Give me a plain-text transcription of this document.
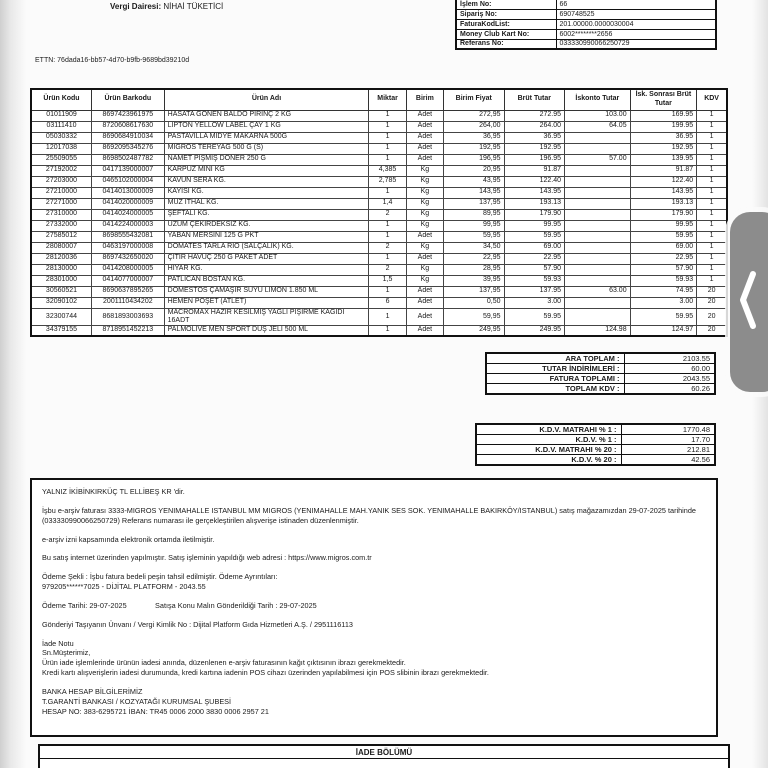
Vergi Dairesi: NİHAİ TÜKETİCİ	İşlem No:	66
Sipariş No:	690748525
FaturaKodList:	201.00000.0000030004
Money Club Kart No:	6002********2656
Referans No:	033330990066250729
ETTN: 76dada16-bb57-4d70-b9fb-9689bd39210d
Ürün Kodu	Ürün Barkodu	Ürün Adı	Miktar	Birim	Birim Fiyat	Brüt Tutar	İskonto Tutar	İsk. Sonrası Brüt Tutar	KDV
01011909	8697423961975	HASATA GÖNEN BALDO PİRİNÇ 2 KG	1	Adet	272,95	272.95	103.00	169.95	1
03111410	8720608617630	LİPTON YELLOW LABEL ÇAY 1 KG	1	Adet	264,00	264.00	64.05	199.95	1
05030332	8690684910034	PASTAVİLLA MİDYE MAKARNA 500G	1	Adet	36,95	36.95		36.95	1
12017038	8692095345276	MİGROS TEREYAĞ 500 G (S)	1	Adet	192,95	192.95		192.95	1
25509055	8698502487782	NAMET PİŞMİŞ DÖNER 250 G	1	Adet	196,95	196.95	57.00	139.95	1
27192002	0417139000007	KARPUZ MİNİ KG	4,385	Kg	20,95	91.87		91.87	1
27203000	0465102000004	KAVUN SERA KG.	2,785	Kg	43,95	122.40		122.40	1
27210000	0414013000009	KAYISI KG.	1	Kg	143,95	143.95		143.95	1
27271000	0414020000009	MUZ İTHAL KG.	1,4	Kg	137,95	193.13		193.13	1
27310000	0414024000005	ŞEFTALİ KG.	2	Kg	89,95	179.90		179.90	1
27332000	0414224000003	ÜZÜM ÇEKİRDEKSİZ KG.	1	Kg	99,95	99.95		99.95	1
27585012	8698555432081	YABAN MERSİNİ 125 G PKT	1	Adet	59,95	59.95		59.95	1
28080007	0463197000008	DOMATES TARLA RİO (SALÇALIK) KG.	2	Kg	34,50	69.00		69.00	1
28120036	8697432650020	ÇITIR HAVUÇ 250 G PAKET ADET	1	Adet	22,95	22.95		22.95	1
28130000	0414208000005	HIYAR KG.	2	Kg	28,95	57.90		57.90	1
28301000	0414077000007	PATLICAN BOSTAN KG.	1,5	Kg	39,95	59.93		59.93	1
30560521	8690637895265	DOMESTOS ÇAMAŞIR SUYU LİMON 1.850 ML	1	Adet	137,95	137.95	63.00	74.95	20
32090102	2001110434202	HEMEN POŞET (ATLET)	6	Adet	0,50	3.00		3.00	20
32300744	8681893003693	MACROMAX HAZIR KESİLMİŞ YAĞLI PİŞİRME KAĞIDI 16ADT	1	Adet	59,95	59.95		59.95	20
34379155	8718951452213	PALMOLIVE MEN SPORT DUŞ JELİ 500 ML	1	Adet	249,95	249.95	124.98	124.97	20
ARA TOPLAM :	2103.55
TUTAR İNDİRİMLERİ :	60.00
FATURA TOPLAMI :	2043.55
TOPLAM KDV :	60.26
K.D.V. MATRAHI % 1 :	1770.48
K.D.V. % 1 :	17.70
K.D.V. MATRAHI % 20 :	212.81
K.D.V. % 20 :	42.56
YALNIZ İKİBİNKIRKÜÇ TL ELLİBEŞ KR 'dir.
İşbu e-arşiv faturası 3333-MIGROS YENIMAHALLE ISTANBUL MM MIGROS (YENIMAHALLE MAH.YANIK SES SOK. YENIMAHALLE BAKIRKÖY/ISTANBUL) satış mağazamızdan 29-07-2025 tarihinde (033330990066250729) Referans numarası ile gerçekleştirilen alışverişe istinaden düzenlenmiştir.
e-arşiv izni kapsamında elektronik ortamda iletilmiştir.
Bu satış internet üzerinden yapılmıştır. Satış işleminin yapıldığı web adresi : https://www.migros.com.tr
Ödeme Şekli : İşbu fatura bedeli peşin tahsil edilmiştir. Ödeme Ayrıntıları:
979205******7025 - DİJİTAL PLATFORM - 2043.55
Ödeme Tarihi: 29-07-2025              Satışa Konu Malın Gönderildiği Tarih : 29-07-2025
Gönderiyi Taşıyanın Ünvanı / Vergi Kimlik No : Dijital Platform Gıda Hizmetleri A.Ş. / 2951116113
İade Notu
Sn.Müşterimiz,
Ürün iade işlemlerinde ürünün iadesi anında, düzenlenen e-arşiv faturasının kağıt çıktısının ibrazı gerekmektedir.
Kredi kartı alışverişlerin iadesi durumunda, kredi kartına iadenin POS cihazı üzerinden yapılabilmesi için POS slibinin ibrazı gerekmektedir.
BANKA HESAP BİLGİLERİMİZ
T.GARANTİ BANKASI / KOZYATAĞI KURUMSAL ŞUBESİ
HESAP NO: 383-6295721 İBAN: TR45 0006 2000 3830 0006 2957 21
İADE BÖLÜMÜ
